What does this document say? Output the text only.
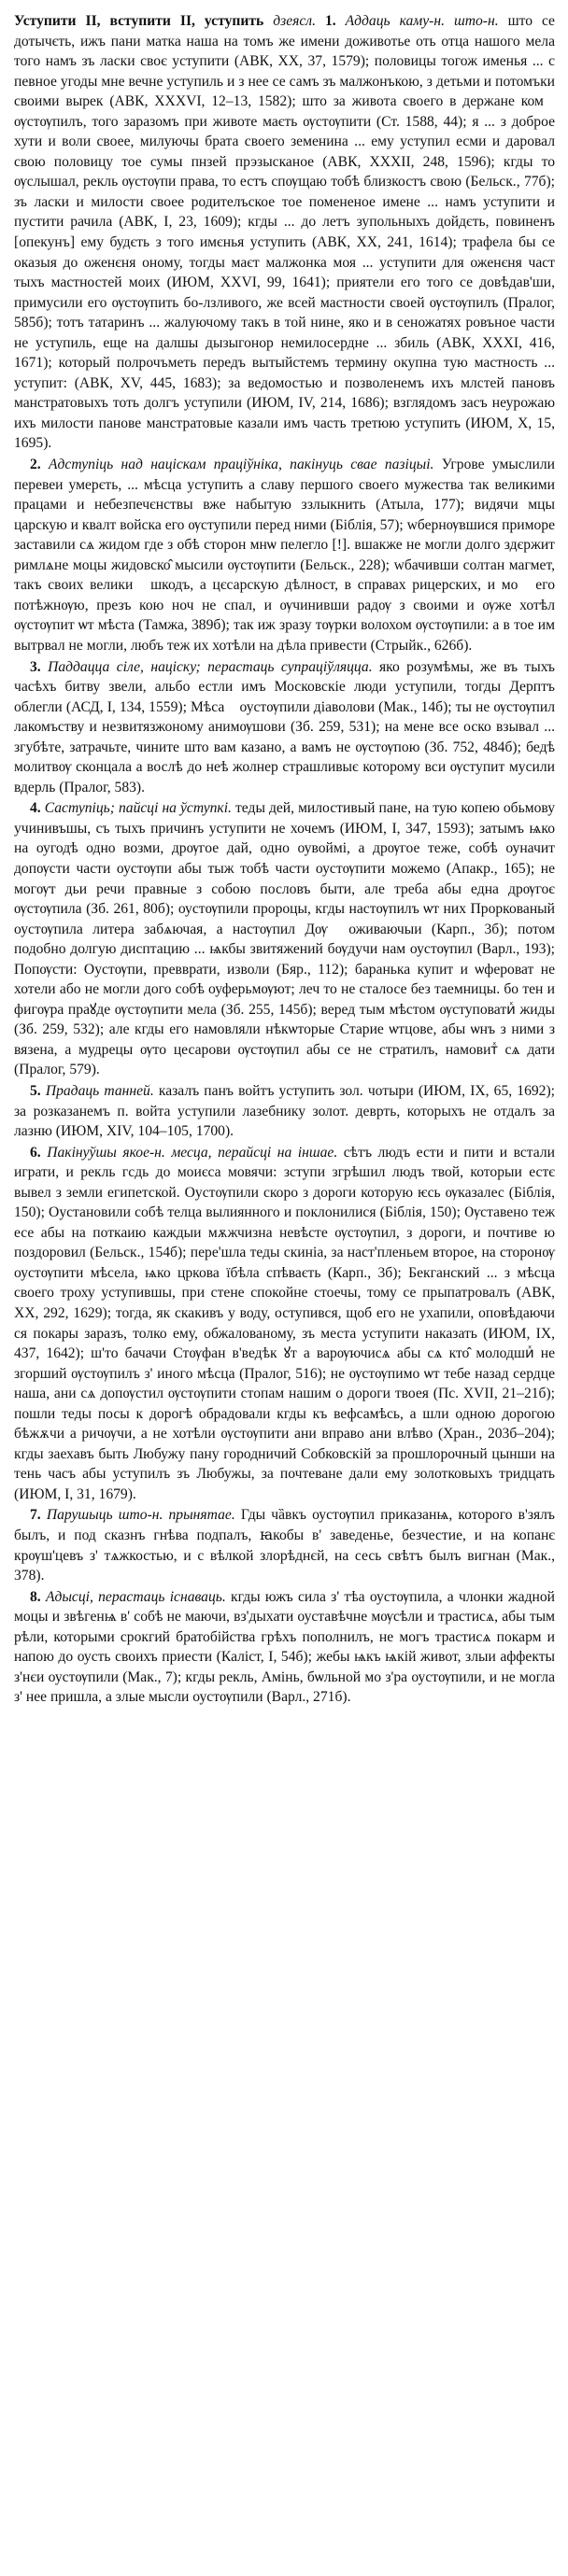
Уступити II, вступити II, уступить дзеясл. 1. Аддаць каму-н. што-н. што се дотычєть, ижъ пани матка наша на томъ же имени доживотье оть отца нашого мела того намъ зъ ласки своє уступити (АВК, XX, 37, 1579); половицы тогож именья ... с певное угоды мне вечне уступиль и з нее се самъ зъ малжонъкою, з детьми и потомъки своими вырек (АВК, XXXVI, 12–13, 1582); што за живота своего в держане комⷹ ѹстѹпилъ, того заразомъ при животе маєть ѹстѹпити (Ст. 1588, 44); я ... з доброе хути и воли своее, милуючы брата своего земенина ... ему уступил есми и даровал свою половицу тое сумы пнзей прэзысканое (АВК, XXXII, 248, 1596); кгды то ѹслышал, рекль ѹстѹпи права, то естъ спѹщаю тобѣ близкостъ свою (Бельск., 77б); зъ ласки и милости своее родителъское тое помененое имене ... намъ уступити и пустити рачила (АВК, I, 23, 1609); кгды ... до летъ зупольныхъ дойдєть, повиненъ [опекунъ] ему будєть з того имєнья уступить (АВК, XX, 241, 1614); трафела бы се оказыя до оженєня оному, тогды маєт малжонка моя ... уступити для оженєня част тыхъ мастностей моих (ИЮМ, XXVI, 99, 1641); приятели его того се довѣдав'ши, примусили его ѹстѹпить бо-лзливого, же всей мастности своей ѹстѹпилъ (Пралог, 585б); тотъ татаринъ ... жалуючому такъ в той нине, яко и в сеножатях ровъное части не уступиль, еще на далшы дызыгонор немилосердне ... збиль (АВК, XXXI, 416, 1671); который полрочъметь передъ вытыйстемъ термину окупна тую мастность ... уступит: (АВК, XV, 445, 1683); за ведомостью и позволенемъ ихъ млстей пановъ манстратовыхъ тоть долгъ уступили (ИЮМ, IV, 214, 1686); взглядомъ засъ неурожаю ихъ милости панове манстратовые казали имъ часть третюю уступить (ИЮМ, X, 15, 1695).

2. Адступіць над націскам праціўніка, пакінуць свае пазіцыі. Угрове умыслили перевеи умерєть, ... мѣсца уступить а славу першого своего мужества так великими працами и небезпечєнствы вже набытую ззлыкнить (Атыла, 177); видячи мцы царскую и квалт войска его ѹступили перед ними (Біблія, 57); wбернѹвшися приморе заставили сѧ жидом где з обѣ сторон мнѡ пелегло [!]. вшакже не могли долго здєржит римлѧне моцы жидовско̂ мысили ѹстѹпити (Бельск., 228); wбачивши солтан магмет, такъ своих великиⷯ шкодъ, а цєсарскую дѣлност, в справах рицерских, и моⷱ его потѣжнѹю, презъ кою ноч не спал, и ѹчинивши радѹ з своими и ѹже хотѣл ѹстѹпит ѡт мѣста (Тамжа, 389б); так иж зразу тѹрки волохом ѹстѹпили: а в тое им вытрвал не могли, любъ теж их хотѣли на дѣла привести (Стрыйк., 626б).

3. Паддацца сіле, націску; перастаць супраціўляцца. яко розумѣмы, же въ тыхъ часѣхъ битву звели, альбо естли имъ Московскіе люди уступили, тогды Дерптъ облегли (АСД, I, 134, 1559); Мѣсаⷯ оустѹпили діаволови (Мак., 14б); ты не ѹстѹпил лакомъству и незвитязжоному анимѹшови (Зб. 259, 531); на мене все оско взывал ... згубѣте, затрачьте, чините што вам казано, а вамъ не ѹстѹпою (Зб. 752, 484б); бедѣ молитвѹ сконцала а вослѣ до неѣ жолнер страшливыє которому вси ѹступит мусили вдерль (Пралог, 583).

4. Саступіць; пайсці на ўступкі. теды дей, милостивый пане, на тую копею обьмову учинивъшы, съ тыхъ причинъ уступити не хочемъ (ИЮМ, I, 347, 1593); затымъ ѩко на оугодѣ одно возми, дрѹгое дай, одно оувоймі, а дрѹгое теже, собѣ оуначит допѹсти части оустѹпи абы тыж тобѣ части оустѹпити можемо (Апакр., 165); не могѹт дьи речи правные з собою пословъ быти, але треба абы еднa дрѹгоє ѹстѹпила (Зб. 261, 80б); оустѹпили пророцы, кгды настѹпилъ ѡт них Проркованый оустѹпила литера забѧючая, а настѹпил Дѹⷯ оживаючыи (Карп., 3б); потом подобно долгую дисптацию ... ѩкбы звитяжений бѹдучи нам оустѹпил (Варл., 193); Попѹсти: Оустѹпи, превврати, изволи (Бяр., 112); баранька купит и ѡферoват не хотели або не могли дого собѣ оуферьмѹют; леч то не сталосе без таемницы. бо тен и фигѹра праꙋде ѹстѹпити мела (Зб. 255, 145б); веред тым мѣстом ѹступоватиⷯ жиды (Зб. 259, 532); але кгды его намовляли нѣкѡторые Старие ѡтцове, абы ѡнъ з ними з вязена, а мудрецы ѹто цесарови ѹстѹпил абы се не стратилъ, намовитⷯ сѧ дати (Пралог, 579).

5. Прадаць танней. казалъ панъ войтъ уступить зол. чотыри (ИЮМ, IX, 65, 1692); за розказанемъ п. войта уступили лазебнику золот. деврть, которыхъ не отдалъ за лазню (ИЮМ, XIV, 104–105, 1700).

6. Пакінуўшы якое-н. месца, перайсці на іншае. сѣтъ людъ ести и пити и встали играти, и рекль гсдь до моиєса мовячи: зступи згрѣшил людъ твой, которыи естє вывел з земли египетской. Оустѹпили скоро з дороги которую ѥсь ѹказалес (Біблія, 150); Оустановили собѣ телца вылиянного и поклонилися (Біблія, 150); Ѹставено теж есе абы на поткаию каждыи мѫжчизна невѣсте ѹстѹпил, з дороги, и почтиве ю поздоровил (Бельск., 154б); пере'шла теды скиніа, за наст'пленьем второе, на сторонѹ оустѹпити мѣсела, ѩко цркова їбѣла спѣваєть (Карп., 3б); Бекганский ... з мѣсца своего троху уступившы, при стене спокойне стоечы, тому се прыпатровалъ (АВК, XX, 292, 1629); тогда, як скакивъ у воду, оступився, щоб его не ухапили, оповѣдаючи ся покары заразъ, толко ему, обжалованому, зъ места уступити наказать (ИЮМ, IX, 437, 1642); ш'тo бачачи Стѹфан в'ведѣк ꙋт а варѹючисѧ абы сѧ кто̂ молодшиⷯ не згорший ѹстѹпилъ з' иного мѣсца (Пралог, 516); не ѹстѹпимо ѡт тебе назад сердце наша, ани сѧ допѹстил ѹстѹпити стопам нашим о дороги твоея (Пс. XVII, 21–21б); пошли теды посы к дорогѣ обрадовали кгды къ вефсамѣсь, а шли одною дорогою бѣжѫчи а ричѹчи, а не хотѣли ѹстѹпити ани вправо ани влѣво (Хран., 203б–204); кгды заехавъ быть Любужу пану городничий Собковскій за прошлорочный цынши на тень часъ абы уступилъ зъ Любужы, за почтеване дали ему золотковыхъ тридцать (ИЮМ, I, 31, 1679).

7. Парушыць што-н. прынятае. Гды чȁвкъ оустѹпил приказанѩ, которого в'зялъ былъ, и под сказнъ гнѣва подпалъ, ꙗкобы в' заведенье, безчестие, и на копанє крѹш'цевъ з' тѧжкостью, и с вѣлкой злорѣднєй, на сесь свѣтъ былъ вигнан (Мак., 378).

8. Адысці, перастаць існаваць. кгды южъ сила з' тѣа оустѹпила, а члонки жадной моцы и звѣгенѩ в' собѣ не маючи, вз'дыхати оуставѣчне мѹсѣли и трастисѧ, абы тым рѣли, которыми срокгий братобійства грѣхъ пополнилъ, не могъ трастисѧ покарм и напою до оусть своихъ приести (Калiст, I, 54б); жебы ѩкъ ѩкій живот, злыи аффекты з'нєи оустѹпили (Мак., 7); кгды рекль, Амінь, бѡльной мо з'ра оустѹпили, и не могла з' нее пришла, а злые мысли оустѹпили (Варл., 271б).
